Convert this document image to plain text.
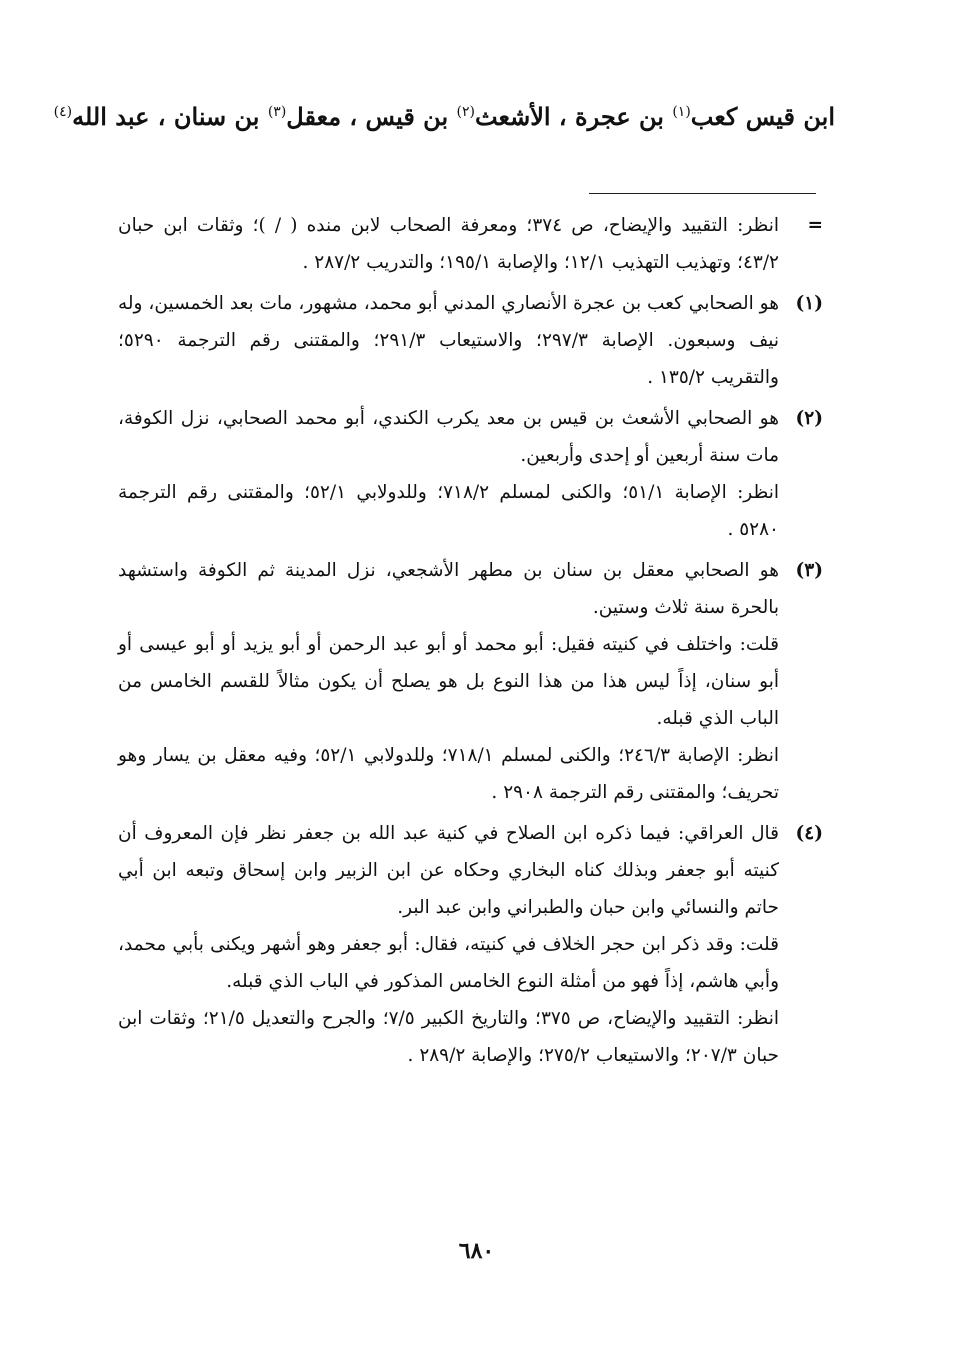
ابن قيس كعب$^{(١)}$ بن عجرة ، الأشعث$^{(٢)}$ بن قيس ، معقل$^{(٣)}$ بن سنان ، عبد الله$^{(٤)}$
=

انظر: التقييد والإيضاح، ص ٣٧٤؛ ومعرفة الصحاب لابن منده ( / )؛ وثقات ابن حبان ٤٣/٢؛ وتهذيب التهذيب ١٢/١؛ والإصابة ١٩٥/١؛ والتدريب ٢٨٧/٢ .

(١)

هو الصحابي كعب بن عجرة الأنصاري المدني أبو محمد، مشهور، مات بعد الخمسين، وله نيف وسبعون. الإصابة ٢٩٧/٣؛ والاستيعاب ٢٩١/٣؛ والمقتنى رقم الترجمة ٥٢٩٠؛ والتقريب ١٣٥/٢ .

(٢)

هو الصحابي الأشعث بن قيس بن معد يكرب الكندي، أبو محمد الصحابي، نزل الكوفة، مات سنة أربعين أو إحدى وأربعين.

انظر: الإصابة ٥١/١؛ والكنى لمسلم ٧١٨/٢؛ وللدولابي ٥٢/١؛ والمقتنى رقم الترجمة ٥٢٨٠ .

(٣)

هو الصحابي معقل بن سنان بن مطهر الأشجعي، نزل المدينة ثم الكوفة واستشهد بالحرة سنة ثلاث وستين.

قلت: واختلف في كنيته فقيل: أبو محمد أو أبو عبد الرحمن أو أبو يزيد أو أبو عيسى أو أبو سنان، إذاً ليس هذا من هذا النوع بل هو يصلح أن يكون مثالاً للقسم الخامس من الباب الذي قبله.

انظر: الإصابة ٢٤٦/٣؛ والكنى لمسلم ٧١٨/١؛ وللدولابي ٥٢/١؛ وفيه معقل بن يسار وهو تحريف؛ والمقتنى رقم الترجمة ٢٩٠٨ .

(٤)

قال العراقي: فيما ذكره ابن الصلاح في كنية عبد الله بن جعفر نظر فإن المعروف أن كنيته أبو جعفر وبذلك كناه البخاري وحكاه عن ابن الزبير وابن إسحاق وتبعه ابن أبي حاتم والنسائي وابن حبان والطبراني وابن عبد البر.

قلت: وقد ذكر ابن حجر الخلاف في كنيته، فقال: أبو جعفر وهو أشهر ويكنى بأبي محمد، وأبي هاشم، إذاً فهو من أمثلة النوع الخامس المذكور في الباب الذي قبله.

انظر: التقييد والإيضاح، ص ٣٧٥؛ والتاريخ الكبير ٧/٥؛ والجرح والتعديل ٢١/٥؛ وثقات ابن حبان ٢٠٧/٣؛ والاستيعاب ٢٧٥/٢؛ والإصابة ٢٨٩/٢ .

٦٨٠
